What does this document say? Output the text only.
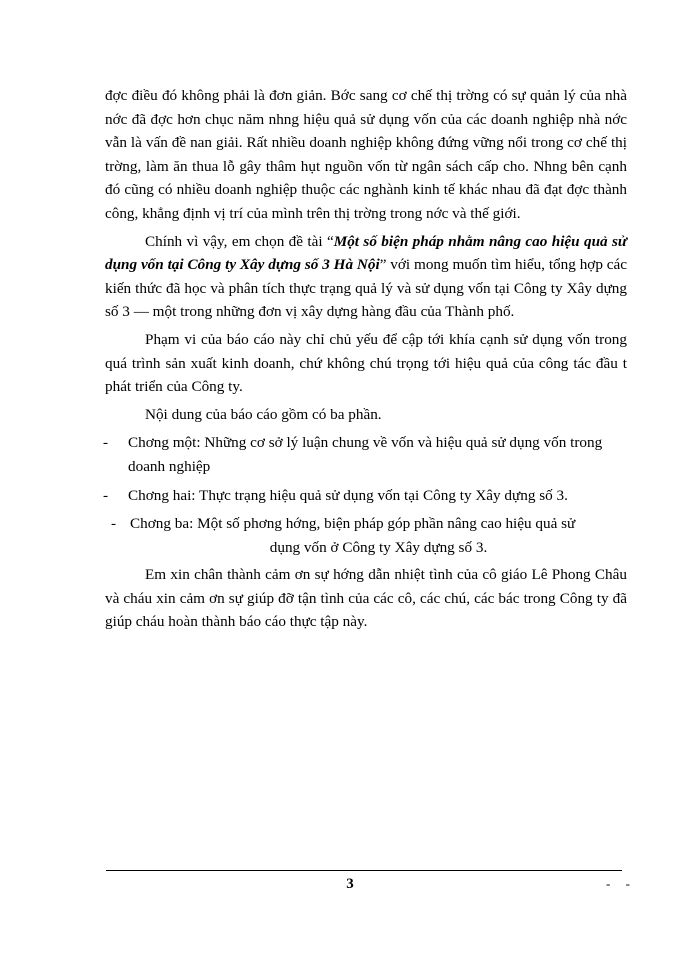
đợc điều đó không phải là đơn giản. Bớc sang cơ chế thị trờng có sự quản lý của nhà nớc đã đợc hơn chục năm nhng hiệu quả sử dụng vốn của các doanh nghiệp nhà nớc vẫn là vấn đề nan giải. Rất nhiều doanh nghiệp không đứng vững nổi trong cơ chế thị trờng, làm ăn thua lỗ gây thâm hụt nguồn vốn từ ngân sách cấp cho. Nhng bên cạnh đó cũng có nhiều doanh nghiệp thuộc các nghành kinh tế khác nhau đã đạt đợc thành công, khẳng định vị trí của mình trên thị trờng trong nớc và thế giới.

Chính vì vậy, em chọn đề tài “Một số biện pháp nhằm nâng cao hiệu quả sử dụng vốn tại Công ty Xây dựng số 3 Hà Nội” với mong muốn tìm hiểu, tổng hợp các kiến thức đã học và phân tích thực trạng quả lý và sử dụng vốn tại Công ty Xây dựng số 3 — một trong những đơn vị xây dựng hàng đầu của Thành phố.

Phạm vi của báo cáo này chỉ chủ yếu để cập tới khía cạnh sử dụng vốn trong quá trình sản xuất kinh doanh, chứ không chú trọng tới hiệu quả của công tác đầu t phát triển của Công ty.

Nội dung của báo cáo gồm có ba phần.

- Chơng một: Những cơ sở lý luận chung về vốn và hiệu quả sử dụng vốn trong doanh nghiệp
- Chơng hai: Thực trạng hiệu quả sử dụng vốn tại Công ty Xây dựng số 3.
- Chơng ba: Một số phơng hớng, biện pháp góp phần nâng cao hiệu quả sử
dụng vốn ở Công ty Xây dựng số 3.

Em xin chân thành cảm ơn sự hớng dẫn nhiệt tình của cô giáo Lê Phong Châu và cháu xin cảm ơn sự giúp đỡ tận tình của các cô, các chú, các bác trong Công ty đã giúp cháu hoàn thành báo cáo thực tập này.

3	- -
